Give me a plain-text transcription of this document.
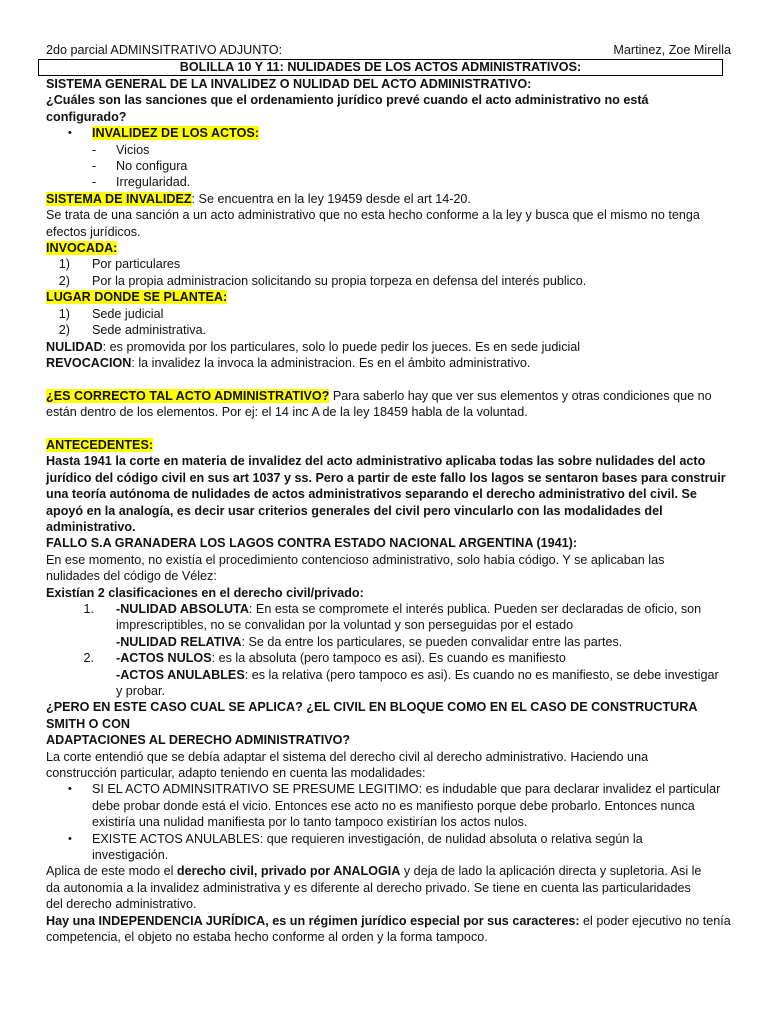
2do parcial ADMINSITRATIVO ADJUNTO:	Martinez, Zoe Mirella
BOLILLA 10 Y 11: NULIDADES DE LOS ACTOS ADMINISTRATIVOS:

SISTEMA GENERAL DE LA INVALIDEZ O NULIDAD DEL ACTO ADMINISTRATIVO:

¿Cuáles son las sanciones que el ordenamiento jurídico prevé cuando el acto administrativo no está configurado?

•	INVALIDEZ DE LOS ACTOS:
-	Vicios
-	No configura
-	Irregularidad.

SISTEMA DE INVALIDEZ: Se encuentra en la ley 19459 desde el art 14-20.

Se trata de una sanción a un acto administrativo que no esta hecho conforme a la ley y busca que el mismo no tenga

efectos jurídicos.

INVOCADA:

1)	Por particulares
2)	Por la propia administracion solicitando su propia torpeza en defensa del interés publico.

LUGAR DONDE SE PLANTEA:

1)	Sede judicial
2)	Sede administrativa.

NULIDAD: es promovida por los particulares, solo lo puede pedir los jueces. Es en sede judicial

REVOCACION: la invalidez la invoca la administracion. Es en el ámbito administrativo.

¿ES CORRECTO TAL ACTO ADMINISTRATIVO? Para saberlo hay que ver sus elementos y otras condiciones que no

están dentro de los elementos. Por ej: el 14 inc A de la ley 18459 habla de la voluntad.

ANTECEDENTES:

Hasta 1941 la corte en materia de invalidez del acto administrativo aplicaba todas las sobre nulidades del acto

jurídico del código civil en sus art 1037 y ss. Pero a partir de este fallo los lagos se sentaron bases para construir

una teoría autónoma de nulidades de actos administrativos separando el derecho administrativo del civil. Se

apoyó en la analogía, es decir usar criterios generales del civil pero vincularlo con las modalidades del

administrativo.

FALLO S.A GRANADERA LOS LAGOS CONTRA ESTADO NACIONAL ARGENTINA (1941):

En ese momento, no existía el procedimiento contencioso administrativo, solo había código. Y se aplicaban las

nulidades del código de Vélez:

Existían 2 clasificaciones en el derecho civil/privado:

1.	-NULIDAD ABSOLUTA: En esta se compromete el interés publica. Pueden ser declaradas de oficio, son
imprescriptibles, no se convalidan por la voluntad y son perseguidas por el estado
-NULIDAD RELATIVA: Se da entre los particulares, se pueden convalidar entre las partes.
2.	-ACTOS NULOS: es la absoluta (pero tampoco es asi). Es cuando es manifiesto
-ACTOS ANULABLES: es la relativa (pero tampoco es asi). Es cuando no es manifiesto, se debe investigar
y probar.

¿PERO EN ESTE CASO CUAL SE APLICA? ¿EL CIVIL EN BLOQUE COMO EN EL CASO DE CONSTRUCTURA SMITH O CON

ADAPTACIONES AL DERECHO ADMINISTRATIVO?

La corte entendió que se debía adaptar el sistema del derecho civil al derecho administrativo. Haciendo una

construcción particular, adapto teniendo en cuenta las modalidades:

•	SI EL ACTO ADMINSITRATIVO SE PRESUME LEGITIMO: es indudable que para declarar invalidez el particular
debe probar donde está el vicio. Entonces ese acto no es manifiesto porque debe probarlo. Entonces nunca
existiría una nulidad manifiesta por lo tanto tampoco existirían los actos nulos.
•	EXISTE ACTOS ANULABLES: que requieren investigación, de nulidad absoluta o relativa según la
investigación.

Aplica de este modo el derecho civil, privado por ANALOGIA y deja de lado la aplicación directa y supletoria. Asi le

da autonomía a la invalidez administrativa y es diferente al derecho privado. Se tiene en cuenta las particularidades

del derecho administrativo.

Hay una INDEPENDENCIA JURÍDICA, es un régimen jurídico especial por sus caracteres: el poder ejecutivo no tenía

competencia, el objeto no estaba hecho conforme al orden y la forma tampoco.
